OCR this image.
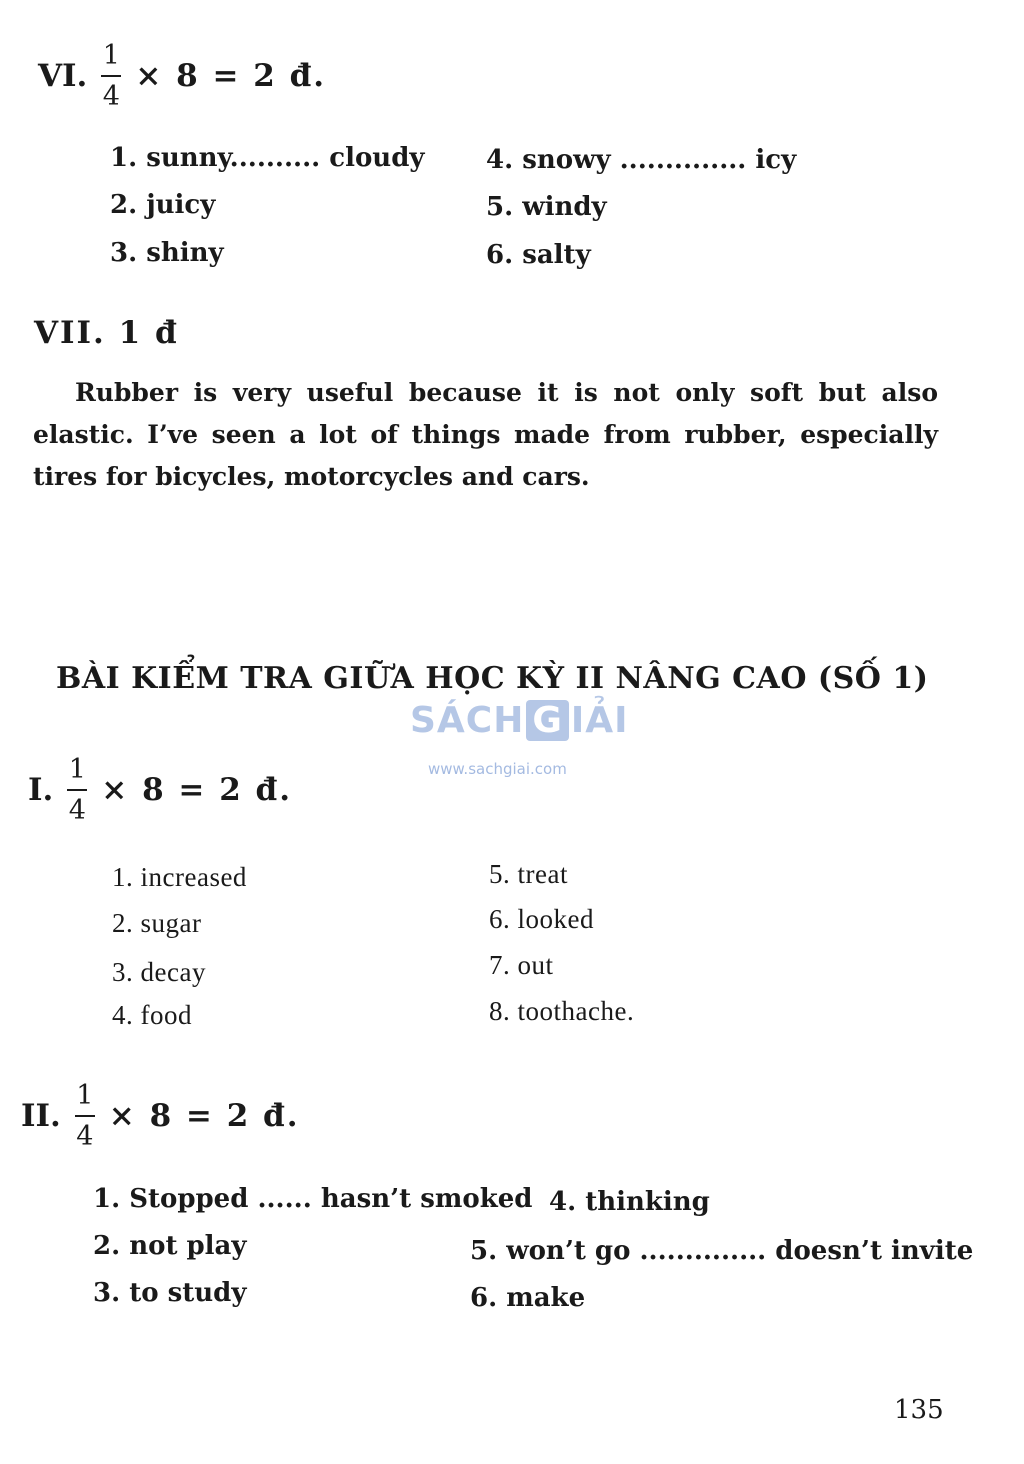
VI. $\frac{1}{4} \times 8 = 2$ đ.
1. sunny.......... cloudy
2. juicy
3. shiny
4. snowy .............. icy
5. windy
6. salty
VII. 1 đ

Rubber is very useful because it is not only soft but also elastic. I’ve seen a lot of things made from rubber, especially tires for bicycles, motorcycles and cars.

BÀI KIỂM TRA GIỮA HỌC KỲ II NÂNG CAO (SỐ 1)
SÁCH G IẢI
www.sachgiai.com
I. $\frac{1}{4} \times 8 = 2$ đ.
1. increased
2. sugar
3. decay
4. food
5. treat
6. looked
7. out
8. toothache.
II. $\frac{1}{4} \times 8 = 2$ đ.
1. Stopped ...... hasn’t smoked
2. not play
3. to study
4. thinking
5. won’t go .............. doesn’t invite
6. make
135
